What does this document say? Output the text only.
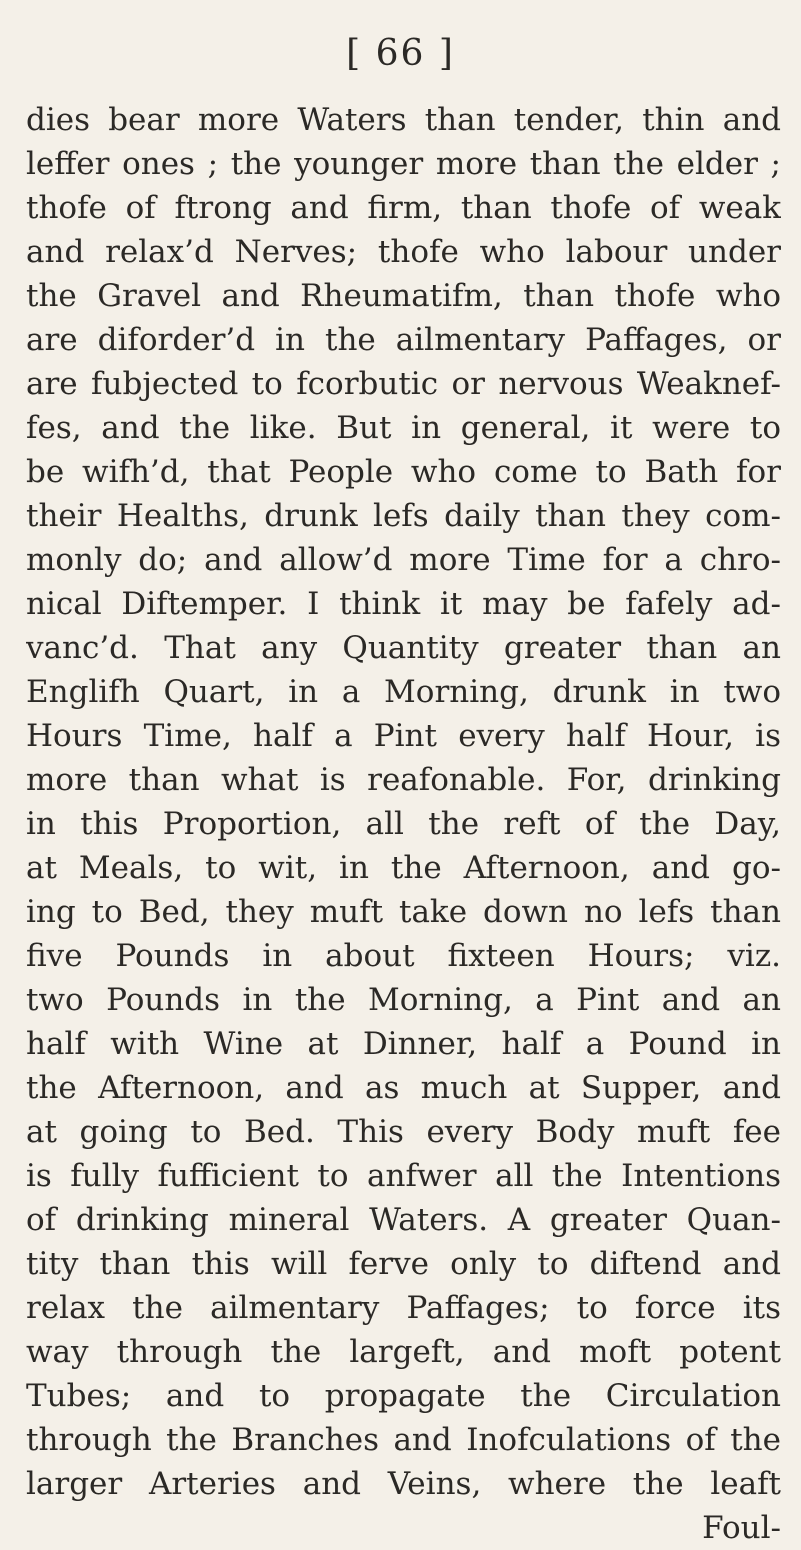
[ 66 ]
dies bear more Waters than tender, thin and
leffer ones ; the younger more than the elder ;
thofe of ftrong and firm, than thofe of weak
and relax’d Nerves; thofe who labour under
the Gravel and Rheumatifm, than thofe who
are diforder’d in the ailmentary Paffages, or
are fubjected to fcorbutic or nervous Weaknef-
fes, and the like. But in general, it were to
be wifh’d, that People who come to Bath for
their Healths, drunk lefs daily than they com-
monly do; and allow’d more Time for a chro-
nical Diftemper. I think it may be fafely ad-
vanc’d. That any Quantity greater than an
Englifh Quart, in a Morning, drunk in two
Hours Time, half a Pint every half Hour, is
more than what is reafonable. For, drinking
in this Proportion, all the reft of the Day,
at Meals, to wit, in the Afternoon, and go-
ing to Bed, they muft take down no lefs than
five Pounds in about fixteen Hours; viz.
two Pounds in the Morning, a Pint and an
half with Wine at Dinner, half a Pound in
the Afternoon, and as much at Supper, and
at going to Bed. This every Body muft fee
is fully fufficient to anfwer all the Intentions
of drinking mineral Waters. A greater Quan-
tity than this will ferve only to diftend and
relax the ailmentary Paffages; to force its
way through the largeft, and moft potent
Tubes; and to propagate the Circulation
through the Branches and Inofculations of the
larger Arteries and Veins, where the leaft
Foul-
